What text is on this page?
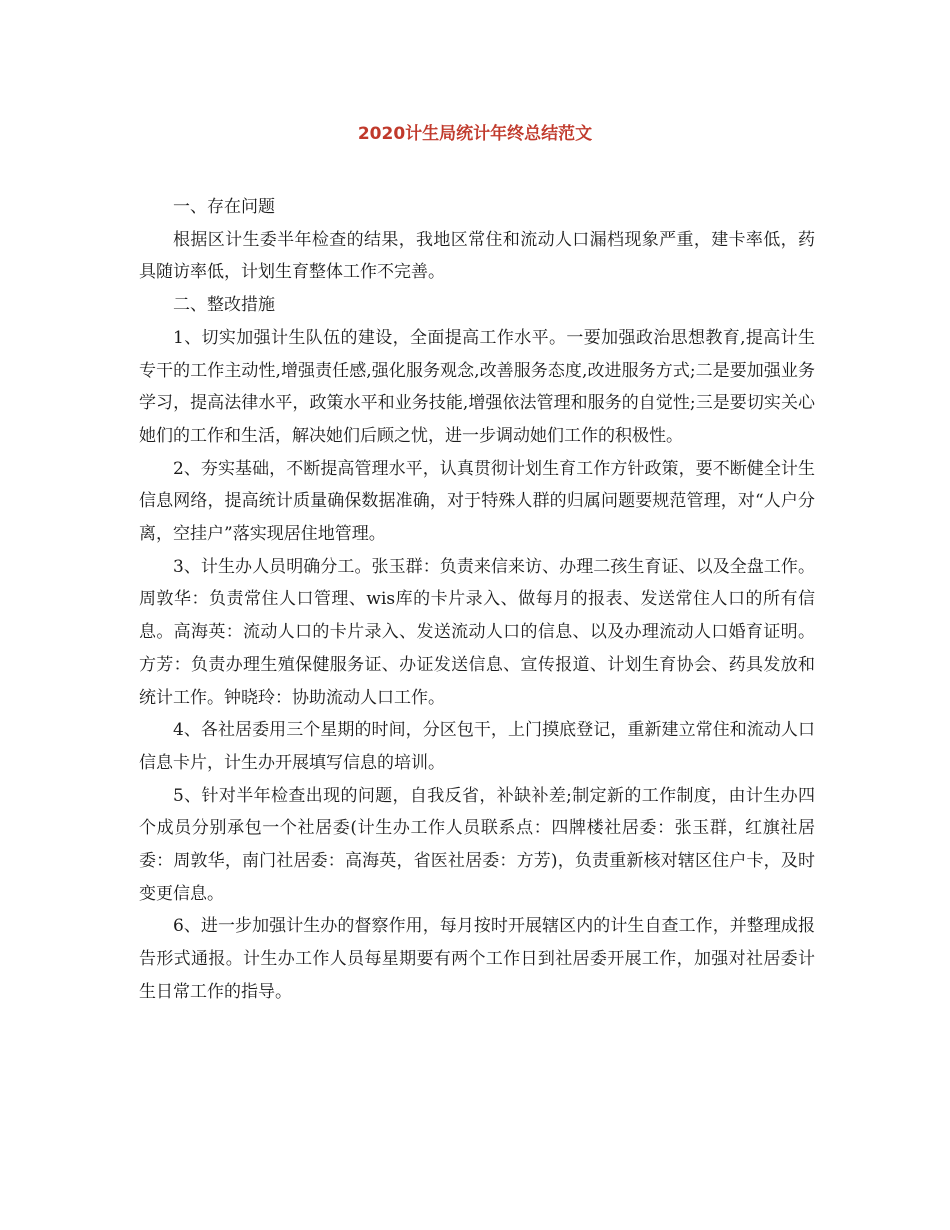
2020计生局统计年终总结范文

一、存在问题

根据区计生委半年检查的结果，我地区常住和流动人口漏档现象严重，建卡率低，药具随访率低，计划生育整体工作不完善。

二、整改措施

1、切实加强计生队伍的建设，全面提高工作水平。一要加强政治思想教育,提高计生专干的工作主动性,增强责任感,强化服务观念,改善服务态度,改进服务方式;二是要加强业务学习，提高法律水平，政策水平和业务技能,增强依法管理和服务的自觉性;三是要切实关心她们的工作和生活，解决她们后顾之忧，进一步调动她们工作的积极性。

2、夯实基础，不断提高管理水平，认真贯彻计划生育工作方针政策，要不断健全计生信息网络，提高统计质量确保数据准确，对于特殊人群的归属问题要规范管理，对“人户分离，空挂户”落实现居住地管理。

3、计生办人员明确分工。张玉群：负责来信来访、办理二孩生育证、以及全盘工作。周敦华：负责常住人口管理、wis库的卡片录入、做每月的报表、发送常住人口的所有信息。高海英：流动人口的卡片录入、发送流动人口的信息、以及办理流动人口婚育证明。方芳：负责办理生殖保健服务证、办证发送信息、宣传报道、计划生育协会、药具发放和统计工作。钟晓玲：协助流动人口工作。

4、各社居委用三个星期的时间，分区包干，上门摸底登记，重新建立常住和流动人口信息卡片，计生办开展填写信息的培训。

5、针对半年检查出现的问题，自我反省，补缺补差;制定新的工作制度，由计生办四个成员分别承包一个社居委(计生办工作人员联系点：四牌楼社居委：张玉群，红旗社居委：周敦华，南门社居委：高海英，省医社居委：方芳)，负责重新核对辖区住户卡，及时变更信息。

6、进一步加强计生办的督察作用，每月按时开展辖区内的计生自查工作，并整理成报告形式通报。计生办工作人员每星期要有两个工作日到社居委开展工作，加强对社居委计生日常工作的指导。
